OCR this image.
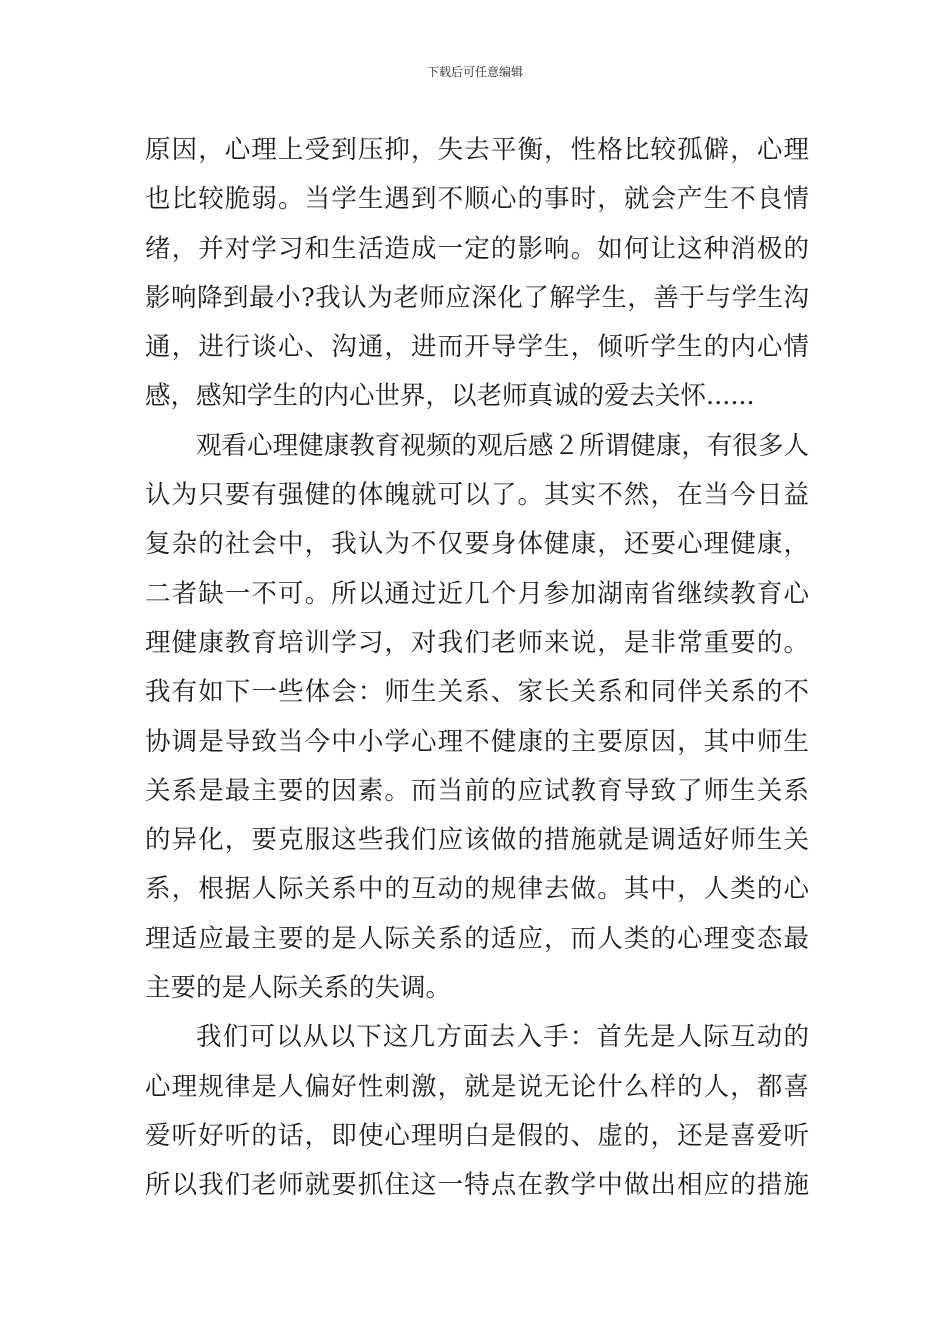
下载后可任意编辑
原因，心理上受到压抑，失去平衡，性格比较孤僻，心理
也比较脆弱。当学生遇到不顺心的事时，就会产生不良情
绪，并对学习和生活造成一定的影响。如何让这种消极的
影响降到最小?我认为老师应深化了解学生，善于与学生沟
通，进行谈心、沟通，进而开导学生，倾听学生的内心情
感，感知学生的内心世界，以老师真诚的爱去关怀......
观看心理健康教育视频的观后感２所谓健康，有很多人
认为只要有强健的体魄就可以了。其实不然，在当今日益
复杂的社会中，我认为不仅要身体健康，还要心理健康，
二者缺一不可。所以通过近几个月参加湖南省继续教育心
理健康教育培训学习，对我们老师来说，是非常重要的。
我有如下一些体会：师生关系、家长关系和同伴关系的不
协调是导致当今中小学心理不健康的主要原因，其中师生
关系是最主要的因素。而当前的应试教育导致了师生关系
的异化，要克服这些我们应该做的措施就是调适好师生关
系，根据人际关系中的互动的规律去做。其中，人类的心
理适应最主要的是人际关系的适应，而人类的心理变态最
主要的是人际关系的失调。
我们可以从以下这几方面去入手：首先是人际互动的
心理规律是人偏好性刺激，就是说无论什么样的人，都喜
爱听好听的话，即使心理明白是假的、虚的，还是喜爱听
所以我们老师就要抓住这一特点在教学中做出相应的措施
